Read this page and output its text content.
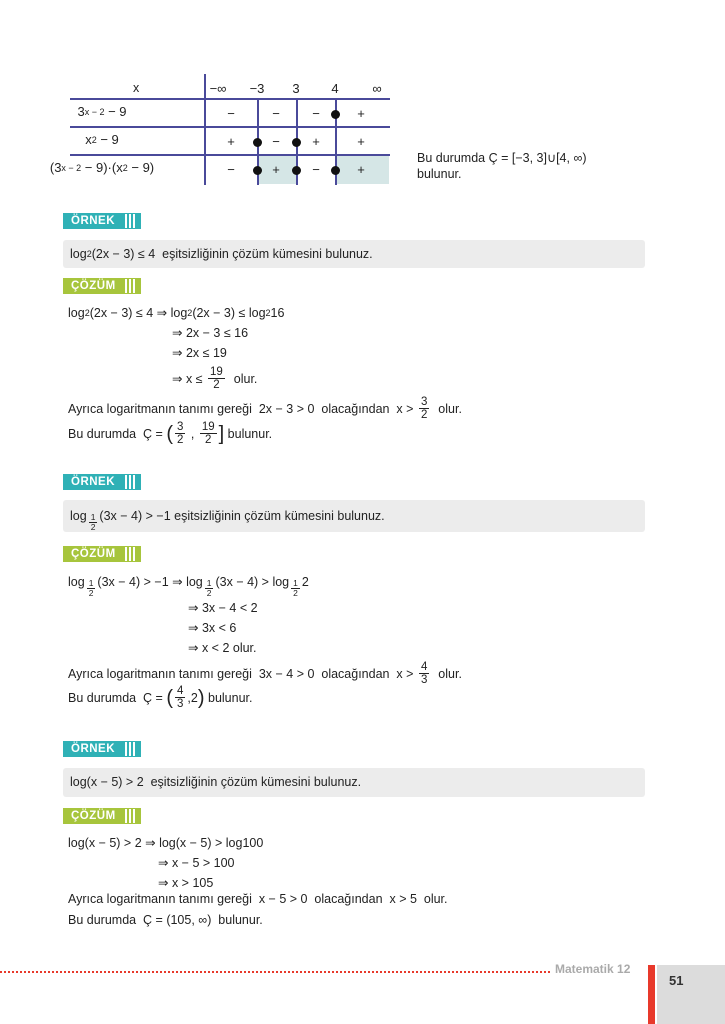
x
Bu durumda Ç = [−3, 3]∪[4, ∞)
bulunur.
Matematik 12
51
−∞	−3	3	4	∞
3 x − 2 − 9	−	−	−	+
x 2 − 9	+	−	+	+
(3 x − 2 − 9)·(x 2 − 9)	−	+	−	+
ÖRNEK
log 2 (2x − 3) ≤ 4  eşitsizliğinin çözüm kümesini bulunuz.
ÇÖZÜM
log 2 (2x − 3) ≤ 4 ⇒ log 2 (2x − 3) ≤ log 2 16
⇒ 2x − 3 ≤ 16
⇒ 2x ≤ 19
⇒ $x \le \frac{19}{2}$ olur.
Ayrıca logaritmanın tanımı gereği  2x − 3 > 0  olacağından  $x > \frac{3}{2}$ olur.
Bu durumda  Ç = ( $\frac{3}{2}$ , $\frac{19}{2}$ ] bulunur.
ÖRNEK
$\log \frac{1}{2} (3x - 4) > -1$ eşitsizliğinin çözüm kümesini bulunuz.
ÇÖZÜM
$\log \frac{1}{2} (3x - 4) > -1$ ⇒ $\log \frac{1}{2} (3x - 4) > \log \frac{1}{2} 2$
⇒ 3x − 4 < 2
⇒ 3x < 6
⇒ x < 2 olur.
Ayrıca logaritmanın tanımı gereği  3x − 4 > 0  olacağından  $x > \frac{4}{3}$ olur.
Bu durumda  Ç = ( $\frac{4}{3} ,2$ ) bulunur.
ÖRNEK
log(x − 5) > 2  eşitsizliğinin çözüm kümesini bulunuz.
ÇÖZÜM
log(x − 5) > 2 ⇒ log(x − 5) > log100
⇒ x − 5 > 100
⇒ x > 105
Ayrıca logaritmanın tanımı gereği  x − 5 > 0  olacağından  x > 5  olur.
Bu durumda  Ç = (105, ∞)  bulunur.
